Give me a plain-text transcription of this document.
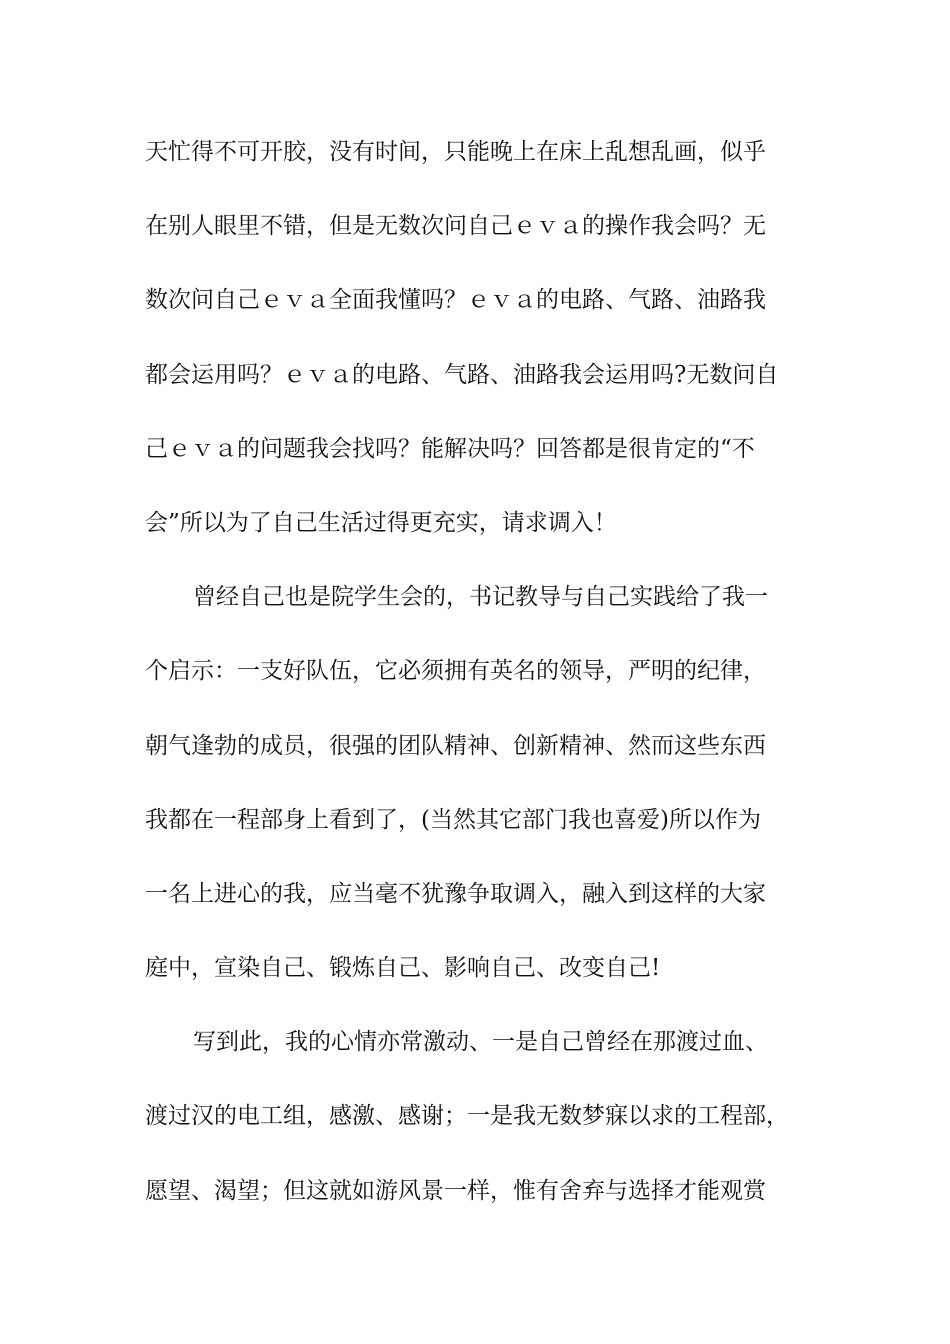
天忙得不可开胶，没有时间，只能晚上在床上乱想乱画，似乎
在别人眼里不错，但是无数次问自己ｅｖａ的操作我会吗？无
数次问自己ｅｖａ全面我懂吗？ｅｖａ的电路、气路、油路我
都会运用吗？ｅｖａ的电路、气路、油路我会运用吗?无数问自
己ｅｖａ的问题我会找吗？能解决吗？回答都是很肯定的“不
会”所以为了自己生活过得更充实，请求调入！
曾经自己也是院学生会的，书记教导与自己实践给了我一
个启示：一支好队伍，它必须拥有英名的领导，严明的纪律，
朝气逢勃的成员，很强的团队精神、创新精神、然而这些东西
我都在一程部身上看到了，(当然其它部门我也喜爱)所以作为
一名上进心的我，应当毫不犹豫争取调入，融入到这样的大家
庭中，宣染自己、锻炼自己、影响自己、改变自己!
写到此，我的心情亦常激动、一是自己曾经在那渡过血、
渡过汉的电工组，感激、感谢；一是我无数梦寐以求的工程部，
愿望、渴望；但这就如游风景一样，惟有舍弃与选择才能观赏
